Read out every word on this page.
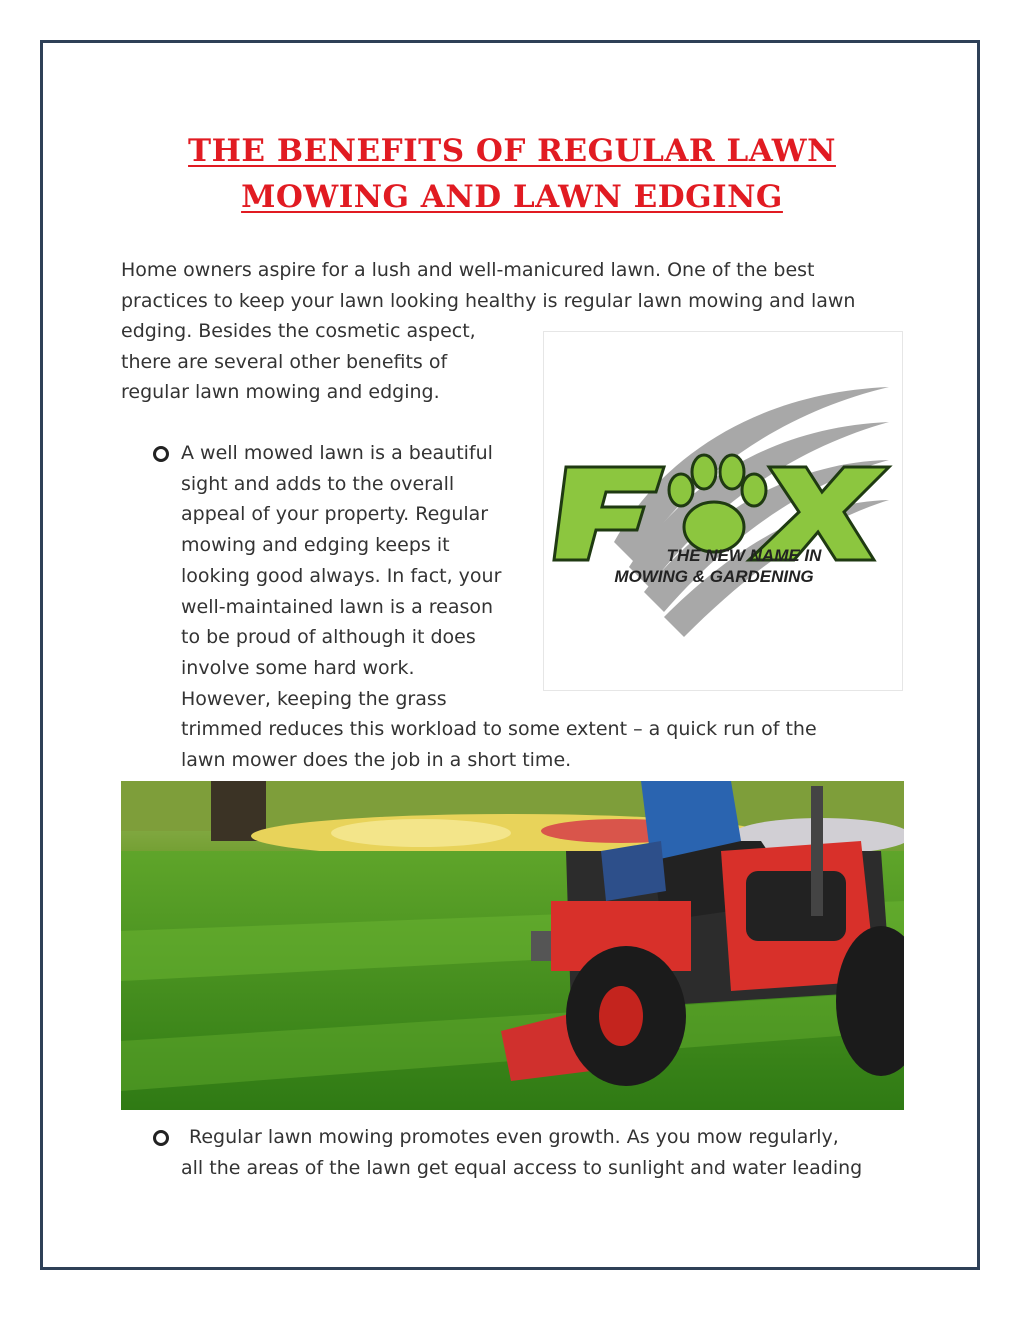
THE BENEFITS OF REGULAR LAWN
MOWING AND LAWN EDGING
Home owners aspire for a lush and well-manicured lawn. One of the best
practices to keep your lawn looking healthy is regular lawn mowing and lawn
edging. Besides the cosmetic aspect,
there are several other benefits of
regular lawn mowing and edging.
A well mowed lawn is a beautiful
sight and adds to the overall
appeal of your property. Regular
mowing and edging keeps it
looking good always. In fact, your
well-maintained lawn is a reason
to be proud of although it does
involve some hard work.
However, keeping the grass
trimmed reduces this workload to some extent – a quick run of the
lawn mower does the job in a short time.
THE NEW NAME IN
MOWING & GARDENING
Regular lawn mowing promotes even growth. As you mow regularly,
all the areas of the lawn get equal access to sunlight and water leading
